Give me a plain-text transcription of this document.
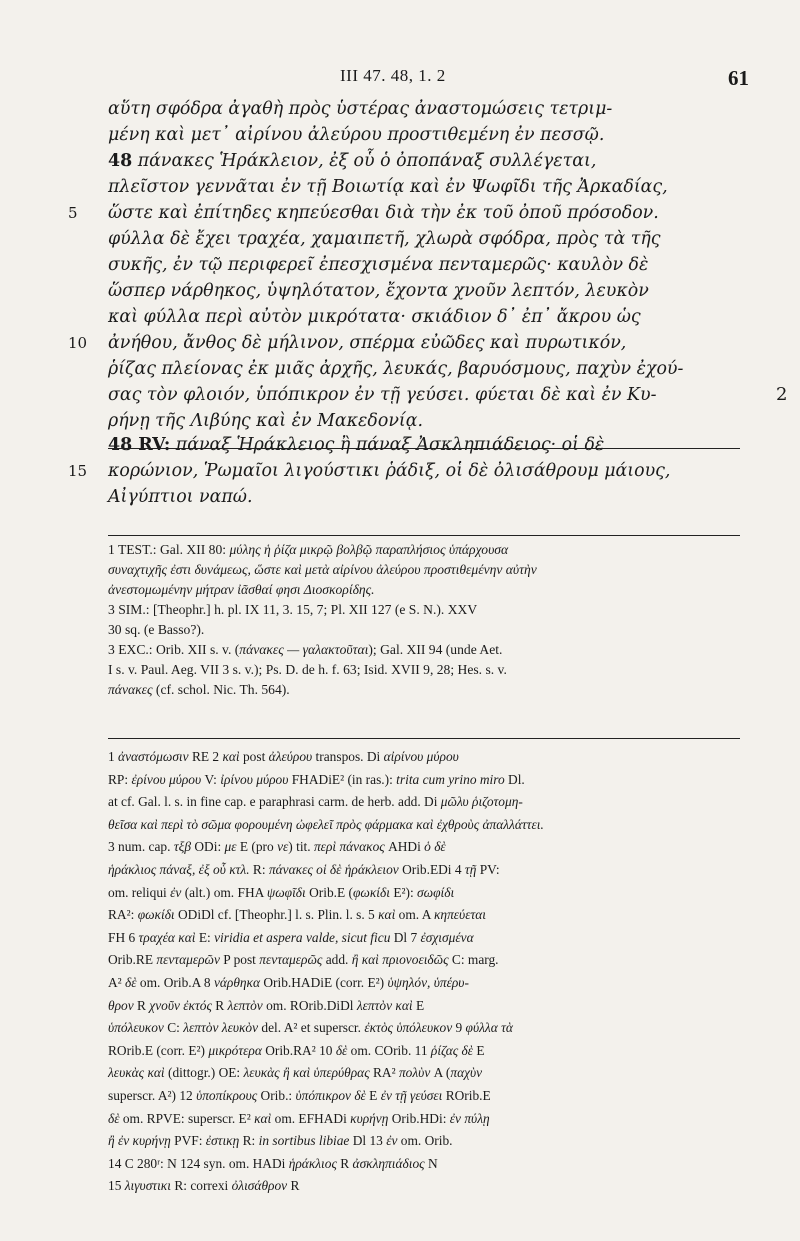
III 47. 48, 1. 2	61
αὕτη σφόδρα ἀγαθὴ πρὸς ὑστέρας ἀναστομώσεις τετριμ-
μένη καὶ μετ᾽ αἰρίνου ἀλεύρου προστιθεμένη ἐν πεσσῷ.
48 πάνακες Ἡράκλειον, ἐξ οὗ ὁ ὀποπάναξ συλλέγεται,
πλεῖστον γεννᾶται ἐν τῇ Βοιωτίᾳ καὶ ἐν Ψωφῖδι τῆς Ἀρκαδίας,
5 ὥστε καὶ ἐπίτηδες κηπεύεσθαι διὰ τὴν ἐκ τοῦ ὀποῦ πρόσοδον.
φύλλα δὲ ἔχει τραχέα, χαμαιπετῆ, χλωρὰ σφόδρα, πρὸς τὰ τῆς
συκῆς, ἐν τῷ περιφερεῖ ἐπεσχισμένα πενταμερῶς· καυλὸν δὲ
ὥσπερ νάρθηκος, ὑψηλότατον, ἔχοντα χνοῦν λεπτόν, λευκὸν
καὶ φύλλα περὶ αὐτὸν μικρότατα· σκιάδιον δ᾽ ἐπ᾽ ἄκρου ὡς
10 ἀνήθου, ἄνθος δὲ μήλινον, σπέρμα εὐῶδες καὶ πυρωτικόν,
ῥίζας πλείονας ἐκ μιᾶς ἀρχῆς, λευκάς, βαρυόσμους, παχὺν ἐχού-
σας τὸν φλοιόν, ὑπόπικρον ἐν τῇ γεύσει. φύεται δὲ καὶ ἐν Κυ-	2
ρήνῃ τῆς Λιβύης καὶ ἐν Μακεδονίᾳ.
48 RV: πάναξ Ἡράκλειος ἢ πάναξ Ἀσκληπιάδειος· οἱ δὲ
15 κορώνιον, Ῥωμαῖοι λιγούστικι ῥάδιξ, οἱ δὲ ὀλισάθρουμ μάιους,
Αἰγύπτιοι ναπώ.
1 TEST.: Gal. XII 80: μύλης ἡ ῥίζα μικρῷ βολβῷ παραπλήσιος ὑπάρχουσα
συναχτιχῆς ἐστι δυνάμεως, ὥστε καὶ μετὰ αἰρίνου ἀλεύρου προστιθεμένην αὐτὴν
ἀνεστομωμένην μήτραν ἰᾶσθαί φησι Διοσκορίδης.
3 SIM.: [Theophr.] h. pl. IX 11, 3. 15, 7; Pl. XII 127 (e S. N.). XXV
30 sq. (e Basso?).
3 EXC.: Orib. XII s. v. (πάνακες — γαλακτοῦται); Gal. XII 94 (unde Aet.
I s. v. Paul. Aeg. VII 3 s. v.); Ps. D. de h. f. 63; Isid. XVII 9, 28; Hes. s. v.
πάνακες (cf. schol. Nic. Th. 564).
1 ἀναστόμωσιν RE 2 καὶ post ἀλεύρου transpos. Di αἰρίνου μύρου
RP: ἐρίνου μύρου V: ἰρίνου μύρου FHADiE² (in ras.): trita cum yrino miro Dl.
at cf. Gal. l. s. in fine cap. e paraphrasi carm. de herb. add. Di μῶλυ ῥιζοτομη-
θεῖσα καὶ περὶ τὸ σῶμα φορουμένη ὠφελεῖ πρὸς φάρμακα καὶ ἐχθροὺς ἀπαλλάττει.
3 num. cap. τξβ ODi: με E (pro νε) tit. περὶ πάνακος AHDi ὁ δὲ
ἡράκλιος πάναξ, ἐξ οὗ κτλ. R: πάνακες οἱ δὲ ἡράκλειον Orib.EDi 4 τῇ PV:
om. reliqui ἐν (alt.) om. FHA ψωφῖδι Orib.E (φωκίδι E²): σωφίδι
RA²: φωκίδι ODiDl cf. [Theophr.] l. s. Plin. l. s. 5 καὶ om. A κηπεύεται
FH 6 τραχέα καὶ E: viridia et aspera valde, sicut ficu Dl 7 ἐσχισμένα
Orib.RE πενταμερῶν P post πενταμερῶς add. ἢ καὶ πριονοειδῶς C: marg.
A² δὲ om. Orib.A 8 νάρθηκα Orib.HADiE (corr. E²) ὑψηλόν, ὑπέρυ-
θρον R χνοῦν ἐκτός R λεπτὸν om. ROrib.DiDl λεπτὸν καὶ E
ὑπόλευκον C: λεπτὸν λευκὸν del. A² et superscr. ἐκτὸς ὑπόλευκον 9 φύλλα τὰ
ROrib.E (corr. E²) μικρότερα Orib.RA² 10 δὲ om. COrib. 11 ῥίζας δὲ E
λευκὰς καὶ (dittogr.) OE: λευκὰς ἢ καὶ ὑπερύθρας RA² πολὺν A (παχὺν
superscr. A²) 12 ὑποπίκρους Orib.: ὑπόπικρον δὲ E ἐν τῇ γεύσει ROrib.E
δὲ om. RPVE: superscr. E² καὶ om. EFHADi κυρήνῃ Orib.HDi: ἐν πύλῃ
ἢ ἐν κυρήνῃ PVF: ἐστικῃ R: in sortibus libiae Dl 13 ἐν om. Orib.
14 C 280ʳ: N 124 syn. om. HADi ἡράκλιος R ἀσκληπιάδιος N
15 λιγυστικι R: correxi ὀλισάθρον R
